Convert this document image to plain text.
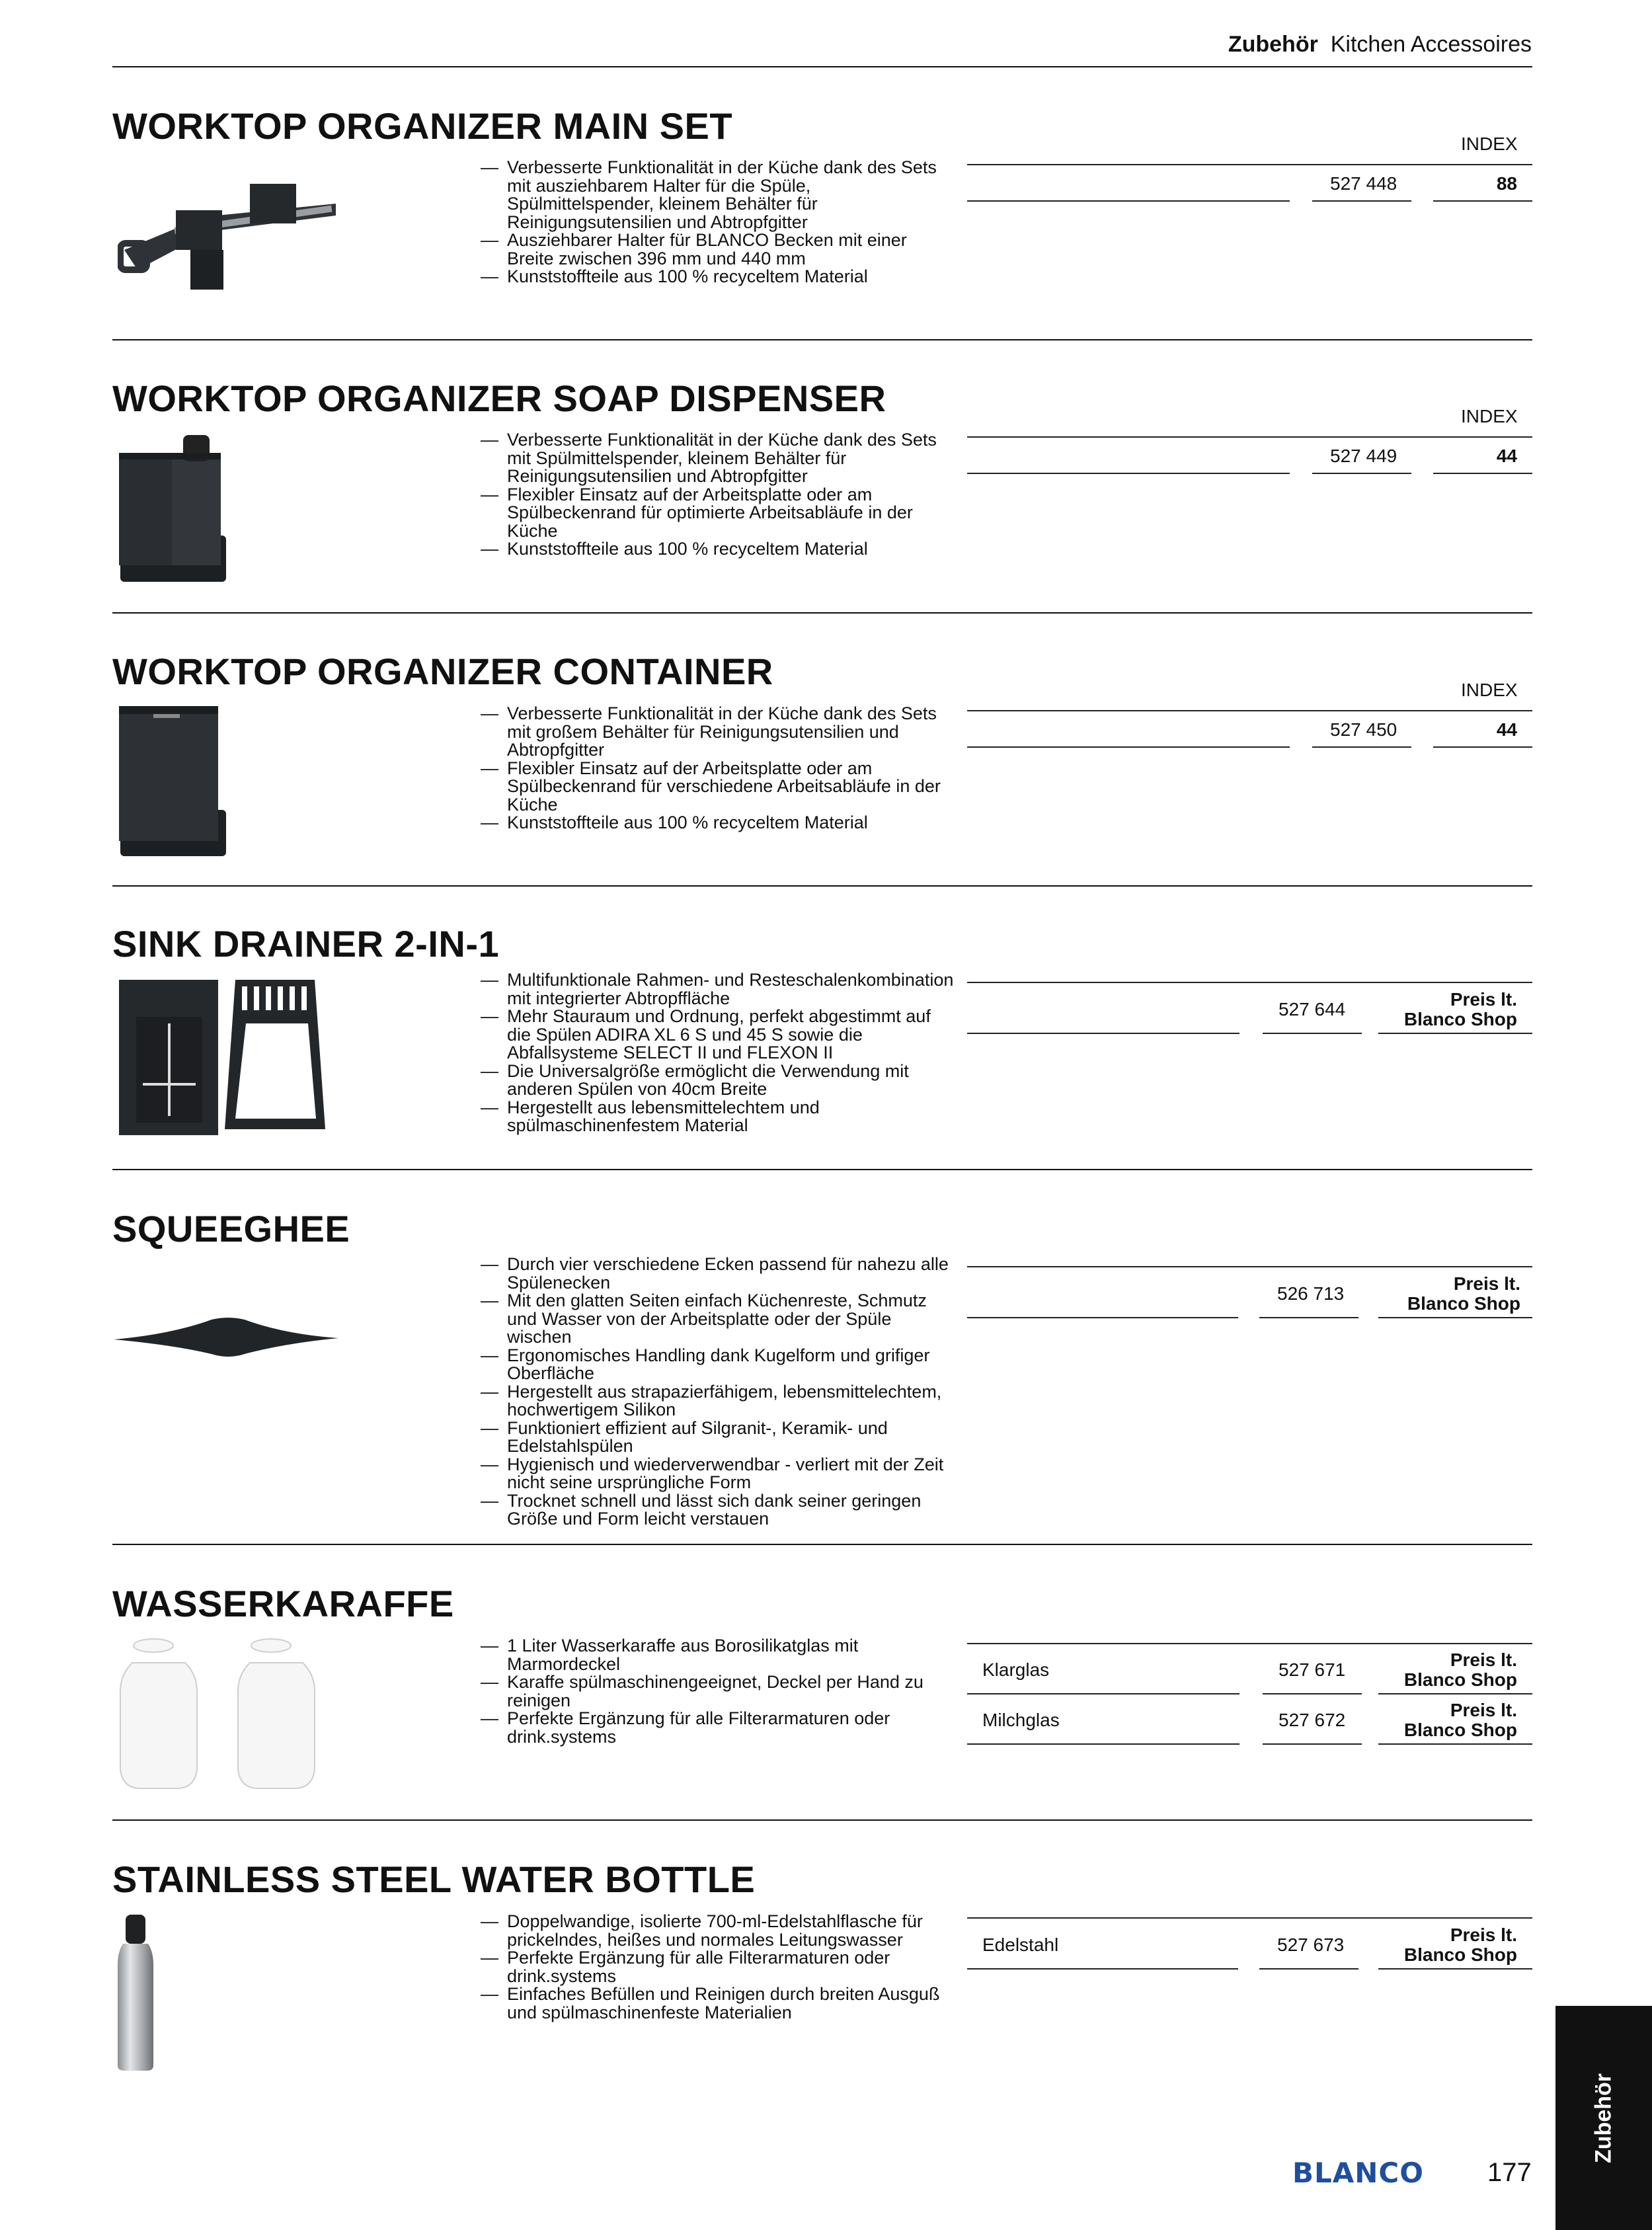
Zubehör Kitchen Accessoires
WORKTOP ORGANIZER MAIN SET
— Verbesserte Funktionalität in der Küche dank des Sets mit ausziehbarem Halter für die Spüle, Spülmittelspender, kleinem Behälter für Reinigungsutensilien und Abtropfgitter
— Ausziehbarer Halter für BLANCO Becken mit einer Breite zwischen 396 mm und 440 mm
— Kunststoffteile aus 100 % recyceltem Material
INDEX
527 448	88
WORKTOP ORGANIZER SOAP DISPENSER
— Verbesserte Funktionalität in der Küche dank des Sets mit Spülmittelspender, kleinem Behälter für Reinigungsutensilien und Abtropfgitter
— Flexibler Einsatz auf der Arbeitsplatte oder am Spülbeckenrand für optimierte Arbeitsabläufe in der Küche
— Kunststoffteile aus 100 % recyceltem Material
INDEX
527 449	44
WORKTOP ORGANIZER CONTAINER
— Verbesserte Funktionalität in der Küche dank des Sets mit großem Behälter für Reinigungsutensilien und Abtropfgitter
— Flexibler Einsatz auf der Arbeitsplatte oder am Spülbeckenrand für verschiedene Arbeitsabläufe in der Küche
— Kunststoffteile aus 100 % recyceltem Material
INDEX
527 450	44
SINK DRAINER 2-IN-1
— Multifunktionale Rahmen- und Resteschalenkombination mit integrierter Abtropffläche
— Mehr Stauraum und Ordnung, perfekt abgestimmt auf die Spülen ADIRA XL 6 S und 45 S sowie die Abfallsysteme SELECT II und FLEXON II
— Die Universalgröße ermöglicht die Verwendung mit anderen Spülen von 40cm Breite
— Hergestellt aus lebensmittelechtem und spülmaschinenfestem Material
527 644	Preis lt.
Blanco Shop
SQUEEGHEE
— Durch vier verschiedene Ecken passend für nahezu alle Spülenecken
— Mit den glatten Seiten einfach Küchenreste, Schmutz und Wasser von der Arbeitsplatte oder der Spüle wischen
— Ergonomisches Handling dank Kugelform und grifiger Oberfläche
— Hergestellt aus strapazierfähigem, lebensmittelechtem, hochwertigem Silikon
— Funktioniert effizient auf Silgranit-, Keramik- und Edelstahlspülen
— Hygienisch und wiederverwendbar - verliert mit der Zeit nicht seine ursprüngliche Form
— Trocknet schnell und lässt sich dank seiner geringen Größe und Form leicht verstauen
526 713	Preis lt.
Blanco Shop
WASSERKARAFFE
— 1 Liter Wasserkaraffe aus Borosilikatglas mit Marmordeckel
— Karaffe spülmaschinengeeignet, Deckel per Hand zu reinigen
— Perfekte Ergänzung für alle Filterarmaturen oder drink.systems
Klarglas	527 671	Preis lt.
Blanco Shop
Milchglas	527 672	Preis lt.
Blanco Shop
STAINLESS STEEL WATER BOTTLE
— Doppelwandige, isolierte 700-ml-Edelstahlflasche für prickelndes, heißes und normales Leitungswasser
— Perfekte Ergänzung für alle Filterarmaturen oder drink.systems
— Einfaches Befüllen und Reinigen durch breiten Ausguß und spülmaschinenfeste Materialien
Edelstahl	527 673	Preis lt.
Blanco Shop
Zubehör
BLANCO 177
